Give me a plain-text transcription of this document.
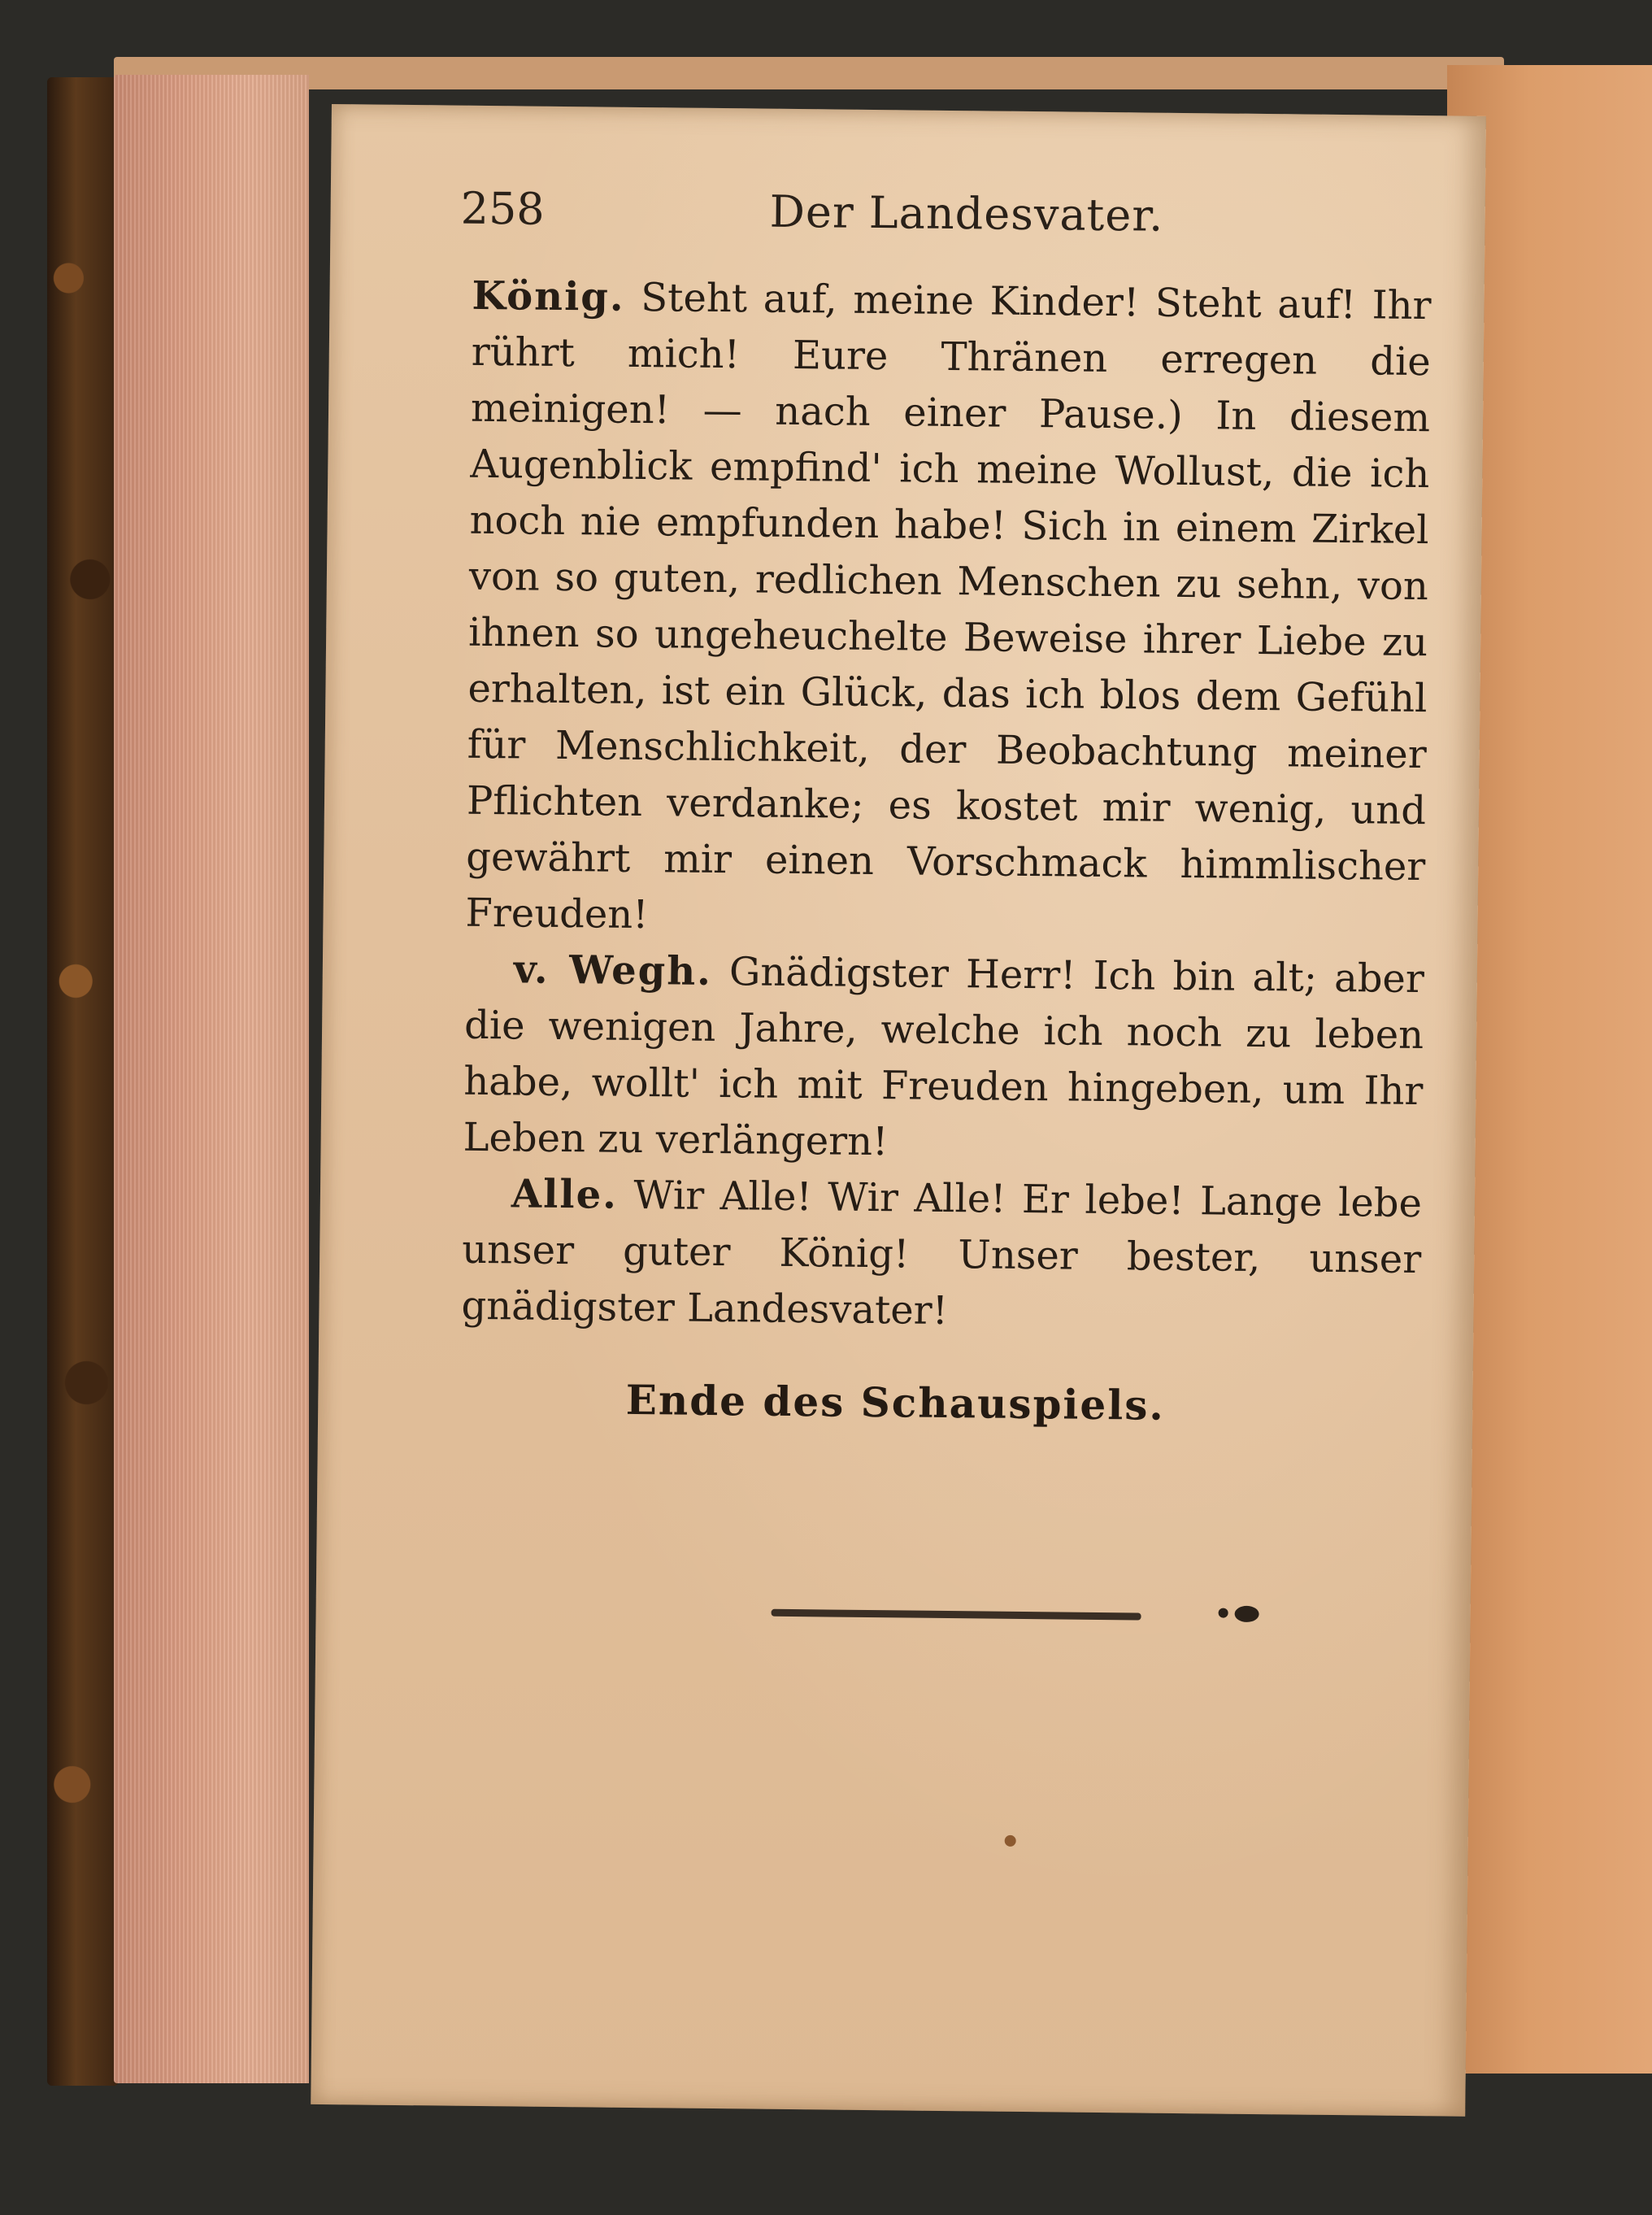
258	Der Landesvater.

König. Steht auf, meine Kinder! Steht auf! Ihr rührt mich! Eure Thränen erregen die meinigen! — nach einer Pause.) In diesem Augenblick empfind' ich meine Wollust, die ich noch nie empfunden habe! Sich in einem Zirkel von so guten, redlichen Menschen zu sehn, von ihnen so ungeheuchelte Beweise ihrer Liebe zu erhalten, ist ein Glück, das ich blos dem Gefühl für Menschlichkeit, der Beobachtung meiner Pflichten verdanke; es kostet mir wenig, und gewährt mir einen Vorschmack himmlischer Freuden!

v. Wegh. Gnädigster Herr! Ich bin alt; aber die wenigen Jahre, welche ich noch zu leben habe, wollt' ich mit Freuden hingeben, um Ihr Leben zu verlängern!

Alle. Wir Alle! Wir Alle! Er lebe! Lange lebe unser guter König! Unser bester, unser gnädigster Landesvater!

Ende des Schauspiels.
